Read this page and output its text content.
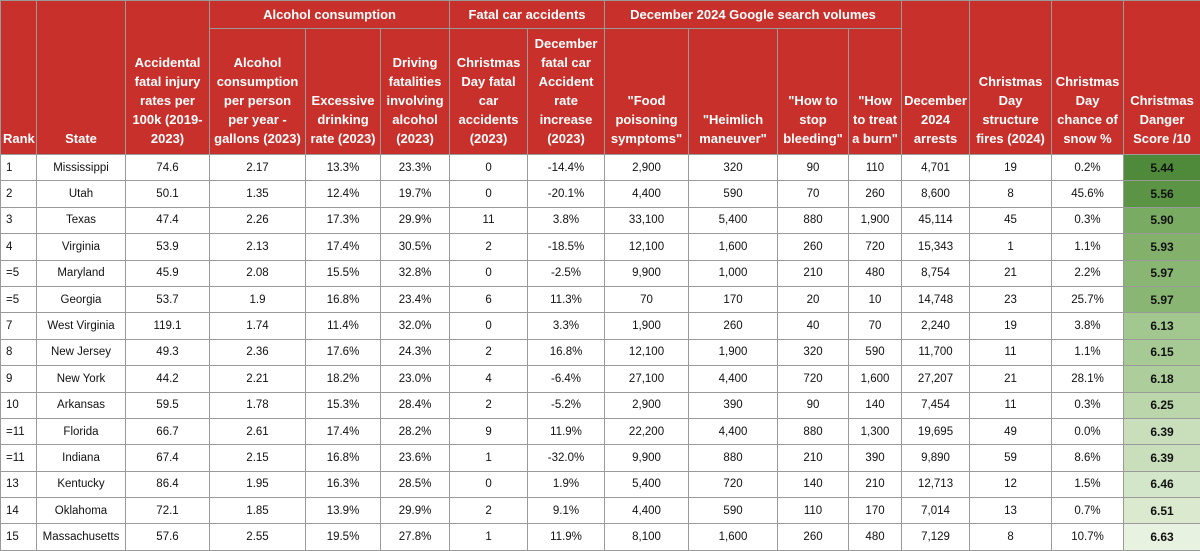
Rank	State	Accidental fatal injury rates per 100k (2019-2023)	Alcohol consumption			Fatal car accidents		December 2024 Google search volumes				December 2024 arrests	Christmas Day structure fires (2024)	Christmas Day chance of snow %	Christmas Danger Score /10
			Alcohol consumption per person per year - gallons (2023)	Excessive drinking rate (2023)	Driving fatalities involving alcohol (2023)	Christmas Day fatal car accidents (2023)	December fatal car Accident rate increase (2023)	"Food poisoning symptoms"	"Heimlich maneuver"	"How to stop bleeding"	"How to treat a burn"				
1	Mississippi	74.6	2.17	13.3%	23.3%	0	-14.4%	2,900	320	90	110	4,701	19	0.2%	5.44
2	Utah	50.1	1.35	12.4%	19.7%	0	-20.1%	4,400	590	70	260	8,600	8	45.6%	5.56
3	Texas	47.4	2.26	17.3%	29.9%	11	3.8%	33,100	5,400	880	1,900	45,114	45	0.3%	5.90
4	Virginia	53.9	2.13	17.4%	30.5%	2	-18.5%	12,100	1,600	260	720	15,343	1	1.1%	5.93
=5	Maryland	45.9	2.08	15.5%	32.8%	0	-2.5%	9,900	1,000	210	480	8,754	21	2.2%	5.97
=5	Georgia	53.7	1.9	16.8%	23.4%	6	11.3%	70	170	20	10	14,748	23	25.7%	5.97
7	West Virginia	119.1	1.74	11.4%	32.0%	0	3.3%	1,900	260	40	70	2,240	19	3.8%	6.13
8	New Jersey	49.3	2.36	17.6%	24.3%	2	16.8%	12,100	1,900	320	590	11,700	11	1.1%	6.15
9	New York	44.2	2.21	18.2%	23.0%	4	-6.4%	27,100	4,400	720	1,600	27,207	21	28.1%	6.18
10	Arkansas	59.5	1.78	15.3%	28.4%	2	-5.2%	2,900	390	90	140	7,454	11	0.3%	6.25
=11	Florida	66.7	2.61	17.4%	28.2%	9	11.9%	22,200	4,400	880	1,300	19,695	49	0.0%	6.39
=11	Indiana	67.4	2.15	16.8%	23.6%	1	-32.0%	9,900	880	210	390	9,890	59	8.6%	6.39
13	Kentucky	86.4	1.95	16.3%	28.5%	0	1.9%	5,400	720	140	210	12,713	12	1.5%	6.46
14	Oklahoma	72.1	1.85	13.9%	29.9%	2	9.1%	4,400	590	110	170	7,014	13	0.7%	6.51
15	Massachusetts	57.6	2.55	19.5%	27.8%	1	11.9%	8,100	1,600	260	480	7,129	8	10.7%	6.63
